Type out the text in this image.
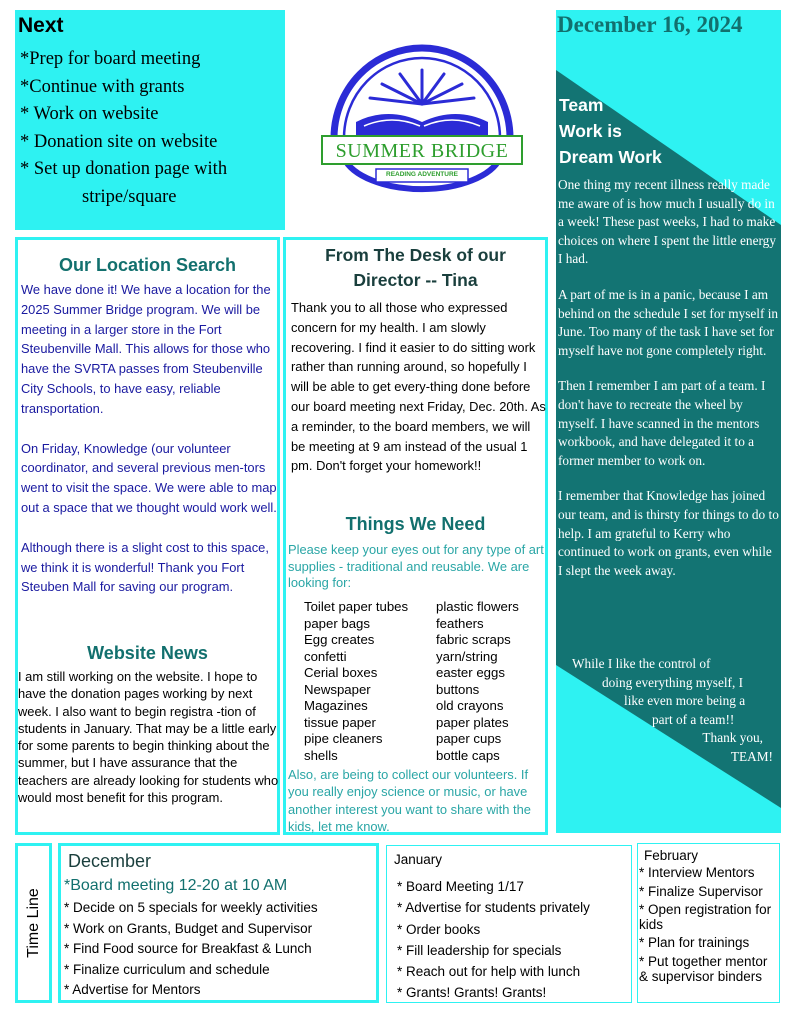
Next
*Prep for board meeting
*Continue with grants
* Work on website
* Donation site on website
* Set up donation page with
stripe/square
SUMMER BRIDGE
READING ADVENTURE
December 16, 2024
Team
Work is
Dream Work

One thing my recent illness really made me aware of is how much I usually do in a week! These past weeks, I had to make choices on where I spent the little energy I had.

A part of me is in a panic, because I am behind on the schedule I set for myself in June. Too many of the task I have set for myself have not gone completely right.

Then I remember I am part of a team. I don't have to recreate the wheel by myself. I have scanned in the mentors workbook, and have delegated it to a former member to work on.

I remember that Knowledge has joined our team, and is thirsty for things to do to help. I am grateful to Kerry who continued to work on grants, even while I slept the week away.

While I like the control of
doing everything myself, I
like even more being a
part of a team!!
Thank you,
TEAM!
Our Location Search

We have done it! We have a location for the 2025 Summer Bridge program. We will be meeting in a larger store in the Fort Steubenville Mall. This allows for those who have the SVRTA passes from Steubenville City Schools, to have easy, reliable transportation.

On Friday, Knowledge (our volunteer coordinator, and several previous men-tors went to visit the space. We were able to map out a space that we thought would work well.

Although there is a slight cost to this space, we think it is wonderful! Thank you Fort Steuben Mall for saving our program.

Website News
I am still working on the website. I hope to have the donation pages working by next week. I also want to begin registra -tion of students in January. That may be a little early for some parents to begin thinking about the summer, but I have assurance that the teachers are already looking for students who would most benefit for this program.
From The Desk of our
Director -- Tina
Thank you to all those who expressed concern for my health. I am slowly recovering. I find it easier to do sitting work rather than running around, so hopefully I will be able to get every-thing done before our board meeting next Friday, Dec. 20th. As a reminder, to the board members, we will be meeting at 9 am instead of the usual 1 pm. Don't forget your homework!!
Things We Need
Please keep your eyes out for any type of art supplies - traditional and reusable. We are looking for:
Toilet paper tubes
paper bags
Egg creates
confetti
Cerial boxes
Newspaper
Magazines
tissue paper
pipe cleaners
shells
plastic flowers
feathers
fabric scraps
yarn/string
easter eggs
buttons
old crayons
paper plates
paper cups
bottle caps
Also, are being to collect our volunteers. If you really enjoy science or music, or have another interest you want to share with the kids, let me know.
Time Line
December
*Board meeting 12-20 at 10 AM
* Decide on 5 specials for weekly activities
* Work on Grants, Budget and Supervisor
* Find Food source for Breakfast & Lunch
* Finalize curriculum and schedule
* Advertise for Mentors
January
* Board Meeting 1/17
* Advertise for students privately
* Order books
* Fill leadership for specials
* Reach out for help with lunch
* Grants! Grants! Grants!
February
* Interview Mentors
* Finalize Supervisor
* Open registration for kids
* Plan for trainings
* Put together mentor & supervisor binders
